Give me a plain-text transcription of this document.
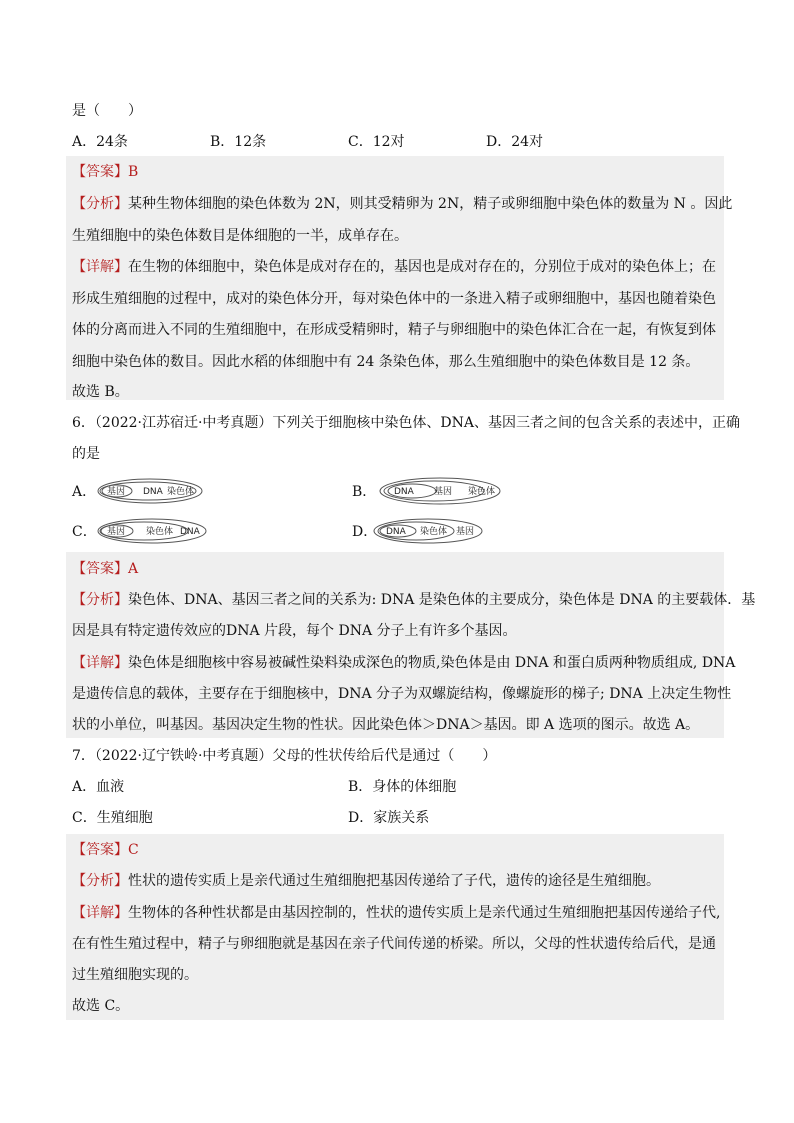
是（　　）
A．24条	B．12条	C．12对	D．24对
【答案】B
【分析】某种生物体细胞的染色体数为 2N，则其受精卵为 2N，精子或卵细胞中染色体的数量为 N 。因此
生殖细胞中的染色体数目是体细胞的一半，成单存在。
【详解】在生物的体细胞中，染色体是成对存在的，基因也是成对存在的，分别位于成对的染色体上；在
形成生殖细胞的过程中，成对的染色体分开，每对染色体中的一条进入精子或卵细胞中，基因也随着染色
体的分离而进入不同的生殖细胞中，在形成受精卵时，精子与卵细胞中的染色体汇合在一起，有恢复到体
细胞中染色体的数目。因此水稻的体细胞中有 24 条染色体，那么生殖细胞中的染色体数目是 12 条。
故选 B。
6．（2022·江苏宿迁·中考真题）下列关于细胞核中染色体、DNA、基因三者之间的包含关系的表述中，正确
的是
A． 基因 DNA 染色体	B． DNA 基因 染色体
C． 基因 染色体 DNA	D． DNA 染色体 基因
【答案】A
【分析】染色体、DNA、基因三者之间的关系为: DNA 是染色体的主要成分，染色体是 DNA 的主要载体．基
因是具有特定遗传效应的DNA 片段，每个 DNA 分子上有许多个基因。
【详解】染色体是细胞核中容易被碱性染料染成深色的物质,染色体是由 DNA 和蛋白质两种物质组成, DNA
是遗传信息的载体，主要存在于细胞核中，DNA 分子为双螺旋结构，像螺旋形的梯子; DNA 上决定生物性
状的小单位，叫基因。基因决定生物的性状。因此染色体＞DNA＞基因。即 A 选项的图示。故选 A。
7．（2022·辽宁铁岭·中考真题）父母的性状传给后代是通过（　　）
A．血液	B．身体的体细胞
C．生殖细胞	D．家族关系
【答案】C
【分析】性状的遗传实质上是亲代通过生殖细胞把基因传递给了子代，遗传的途径是生殖细胞。
【详解】生物体的各种性状都是由基因控制的，性状的遗传实质上是亲代通过生殖细胞把基因传递给子代,
在有性生殖过程中，精子与卵细胞就是基因在亲子代间传递的桥梁。所以，父母的性状遗传给后代，是通
过生殖细胞实现的。
故选 C。
